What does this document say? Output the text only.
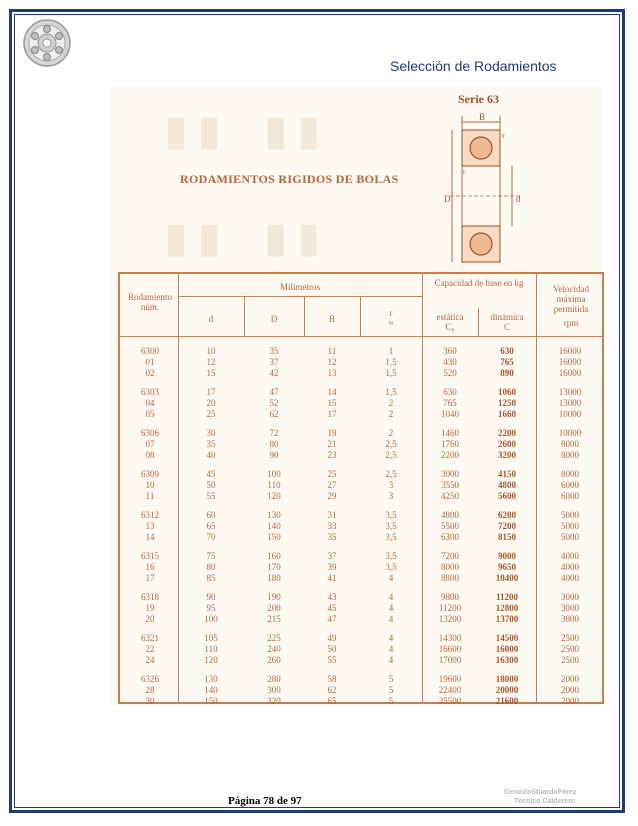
Selección de Rodamientos
▮ ▮    ▮ ▮
▮ ▮    ▮ ▮
Serie 63
RODAMIENTOS RIGIDOS DE BOLAS
B
r
D	d
r
Rodamiento núm.
Milímetros
d	D	B
r
≈
Capacidad de base en kg
estática
C₀
dinámica
C
Velocidad máxima permitida
rpm
6300	10	35	11	1	360	630	16000
01	12	37	12	1,5	430	765	16000
02	15	42	13	1,5	520	890	16000
6303	17	47	14	1,5	630	1060	13000
04	20	52	15	2	765	1250	13000
05	25	62	17	2	1040	1660	10000
6306	30	72	19	2	1460	2200	10000
07	35	80	21	2,5	1760	2600	8000
08	40	90	23	2,5	2200	3200	8000
6309	45	100	25	2,5	3000	4150	8000
10	50	110	27	3	3550	4800	6000
11	55	120	29	3	4250	5600	6000
6312	60	130	31	3,5	4800	6200	5000
13	65	140	33	3,5	5500	7200	5000
14	70	150	35	3,5	6300	8150	5000
6315	75	160	37	3,5	7200	9000	4000
16	80	170	39	3,5	8000	9650	4000
17	85	180	41	4	8800	10400	4000
6318	90	190	43	4	9800	11200	3000
19	95	200	45	4	11200	12800	3000
20	100	215	47	4	13200	13700	3000
6321	105	225	49	4	14300	14500	2500
22	110	240	50	4	16600	16000	2500
24	120	260	55	4	17000	16300	2500
6326	130	280	58	5	19600	18000	2000
28	140	300	62	5	22400	20000	2000
30	150	320	65	5	25500	21600	2000
Página 78 de 97
GerardoStuardoPérez
Técnico Calderero
